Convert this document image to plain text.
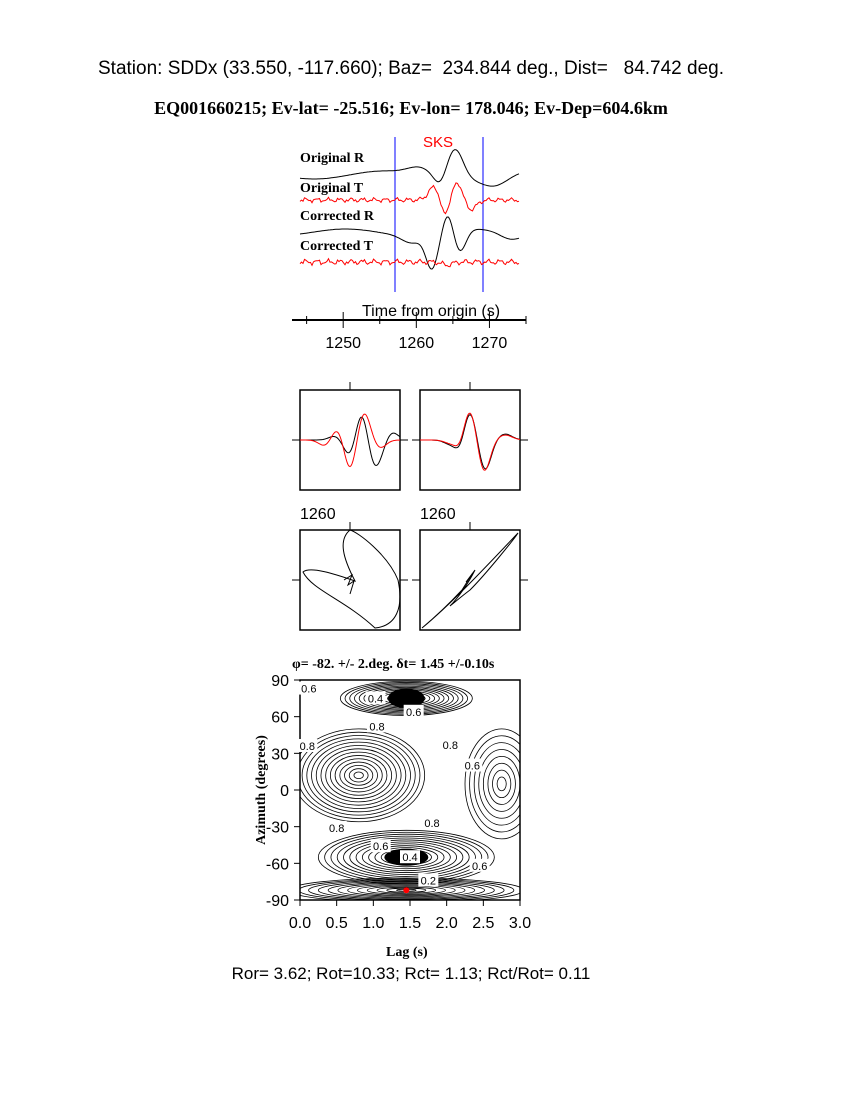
Station: SDDx (33.550, -117.660); Baz=  234.844 deg., Dist=   84.742 deg.
EQ001660215; Ev-lat= -25.516; Ev-lon= 178.046; Ev-Dep=604.6km
SKS
Original R
Original T
Corrected R
Corrected T
Time from origin (s)
1250 1260 1270
1260	1260
φ= -82. +/- 2.deg. δt= 1.45 +/-0.10s
0.0 0.5 1.0 1.5 2.0 2.5 3.0
90
60
30
0
-30
-60
-90
0.6
0.4
0.6
0.8
0.8	0.8
0.6
0.8	0.8
0.6
0.4
0.2
0.6
Lag (s)
Azimuth (degrees)
Ror= 3.62; Rot=10.33; Rct= 1.13; Rct/Rot= 0.11
